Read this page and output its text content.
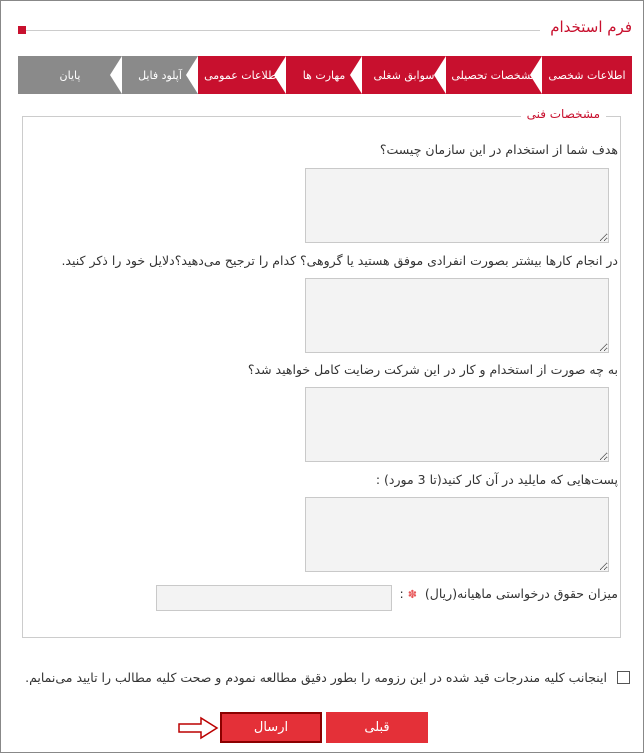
فرم استخدام
اطلاعات شخصی
مشخصات تحصیلی
سوابق شغلی
مهارت ها
اطلاعات عمومی
آپلود فایل
پایان
مشخصات فنی
هدف شما از استخدام در این سازمان چیست؟
در انجام کارها بیشتر بصورت انفرادی موفق هستید یا گروهی؟ کدام را ترجیح می‌دهید؟دلایل خود را ذکر کنید.
به چه صورت از استخدام و کار در این شرکت رضایت کامل خواهید شد؟
پست‌هایی که مایلید در آن کار کنید(تا 3 مورد) :
میزان حقوق درخواستی ماهیانه(ریال) ✽ :
اینجانب کلیه مندرجات قید شده در این رزومه را بطور دقیق مطالعه نمودم و صحت کلیه مطالب را تایید می‌نمایم.
قبلی
ارسال
